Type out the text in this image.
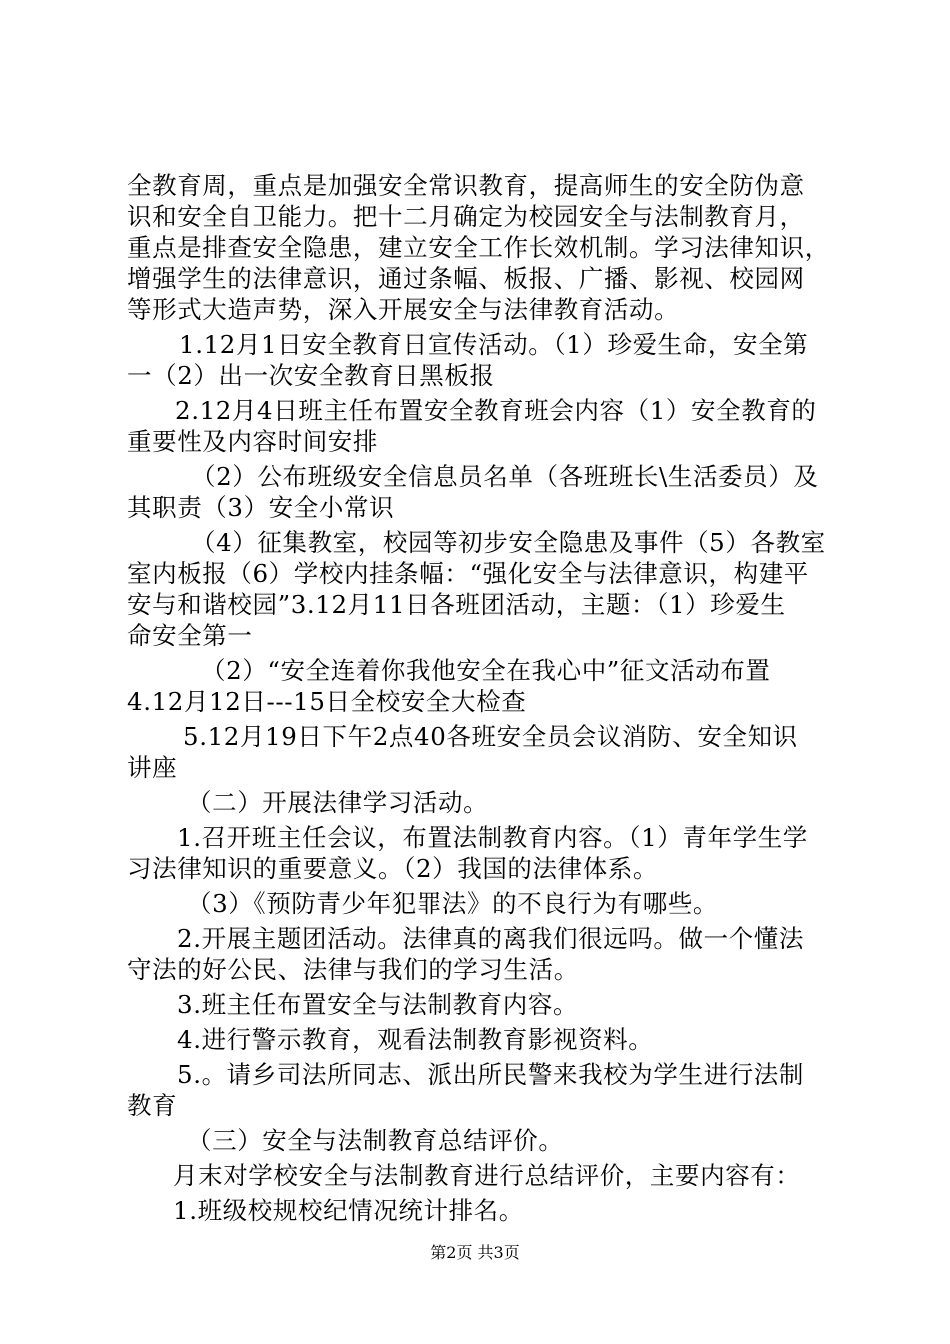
全教育周，重点是加强安全常识教育，提高师生的安全防伪意
识和安全自卫能力。把十二月确定为校园安全与法制教育月，
重点是排查安全隐患，建立安全工作长效机制。学习法律知识，
增强学生的法律意识，通过条幅、板报、广播、影视、校园网
等形式大造声势，深入开展安全与法律教育活动。
1.12月1日安全教育日宣传活动。（1）珍爱生命，安全第
一（2）出一次安全教育日黑板报
2.12月4日班主任布置安全教育班会内容（1）安全教育的
重要性及内容时间安排
（2）公布班级安全信息员名单（各班班长\生活委员）及
其职责（3）安全小常识
（4）征集教室，校园等初步安全隐患及事件（5）各教室
室内板报（6）学校内挂条幅：“强化安全与法律意识，构建平
安与和谐校园”3.12月11日各班团活动，主题：（1）珍爱生
命安全第一
（2）“安全连着你我他安全在我心中”征文活动布置
4.12月12日---15日全校安全大检查
5.12月19日下午2点40各班安全员会议消防、安全知识
讲座
（二）开展法律学习活动。
1.召开班主任会议，布置法制教育内容。（1）青年学生学
习法律知识的重要意义。（2）我国的法律体系。
（3）《预防青少年犯罪法》的不良行为有哪些。
2.开展主题团活动。法律真的离我们很远吗。做一个懂法
守法的好公民、法律与我们的学习生活。
3.班主任布置安全与法制教育内容。
4.进行警示教育，观看法制教育影视资料。
5.。请乡司法所同志、派出所民警来我校为学生进行法制
教育
（三）安全与法制教育总结评价。
月末对学校安全与法制教育进行总结评价，主要内容有：
1.班级校规校纪情况统计排名。
第2页 共3页
